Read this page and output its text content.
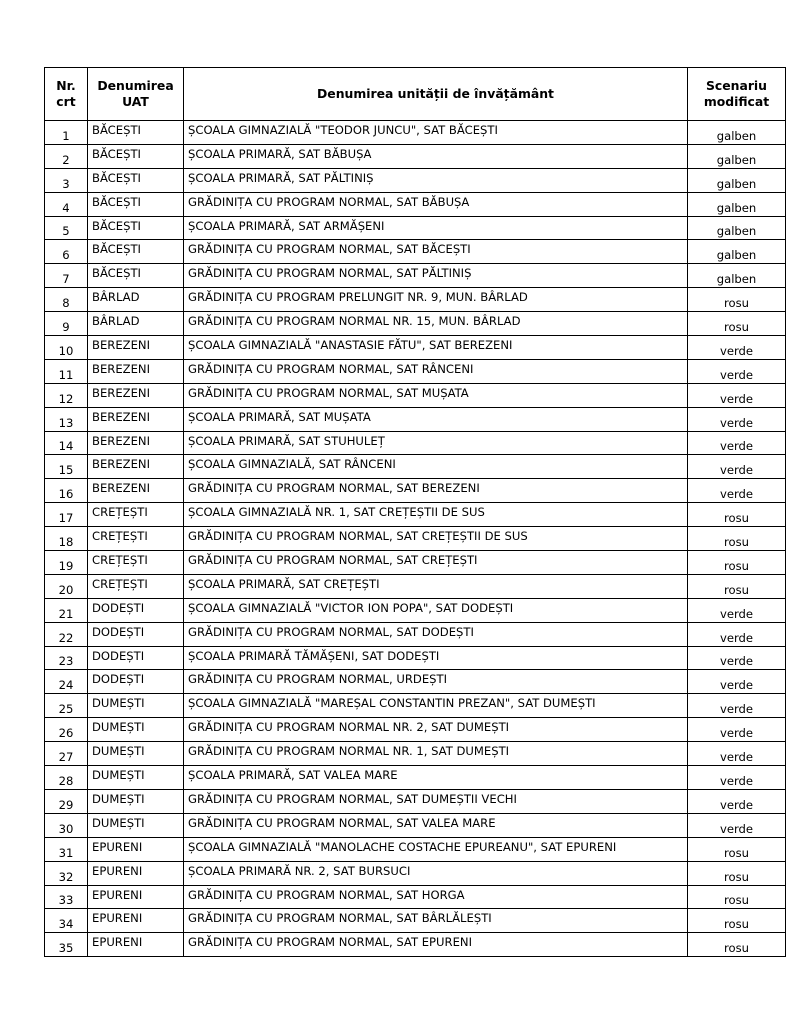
Nr. crt	Denumirea UAT	Denumirea unității de învățământ	Scenariu modificat
1	BĂCEȘTI	ȘCOALA GIMNAZIALĂ "TEODOR JUNCU", SAT BĂCEȘTI	galben
2	BĂCEȘTI	ȘCOALA PRIMARĂ, SAT BĂBUȘA	galben
3	BĂCEȘTI	ȘCOALA PRIMARĂ, SAT PĂLTINIȘ	galben
4	BĂCEȘTI	GRĂDINIȚA CU PROGRAM NORMAL, SAT BĂBUȘA	galben
5	BĂCEȘTI	ȘCOALA PRIMARĂ, SAT ARMĂȘENI	galben
6	BĂCEȘTI	GRĂDINIȚA CU PROGRAM NORMAL, SAT BĂCEȘTI	galben
7	BĂCEȘTI	GRĂDINIȚA CU PROGRAM NORMAL, SAT PĂLTINIȘ	galben
8	BÂRLAD	GRĂDINIȚA CU PROGRAM PRELUNGIT NR. 9, MUN. BÂRLAD	rosu
9	BÂRLAD	GRĂDINIȚA CU PROGRAM NORMAL NR. 15, MUN. BÂRLAD	rosu
10	BEREZENI	ȘCOALA GIMNAZIALĂ "ANASTASIE FĂTU", SAT BEREZENI	verde
11	BEREZENI	GRĂDINIȚA CU PROGRAM NORMAL, SAT RÂNCENI	verde
12	BEREZENI	GRĂDINIȚA CU PROGRAM NORMAL, SAT MUȘATA	verde
13	BEREZENI	ȘCOALA PRIMARĂ, SAT MUȘATA	verde
14	BEREZENI	ȘCOALA PRIMARĂ, SAT STUHULEȚ	verde
15	BEREZENI	ȘCOALA GIMNAZIALĂ, SAT RÂNCENI	verde
16	BEREZENI	GRĂDINIȚA CU PROGRAM NORMAL, SAT BEREZENI	verde
17	CREȚEȘTI	ȘCOALA GIMNAZIALĂ NR. 1, SAT CREȚEȘTII DE SUS	rosu
18	CREȚEȘTI	GRĂDINIȚA CU PROGRAM NORMAL, SAT CREȚEȘTII DE SUS	rosu
19	CREȚEȘTI	GRĂDINIȚA CU PROGRAM NORMAL, SAT CREȚEȘTI	rosu
20	CREȚEȘTI	ȘCOALA PRIMARĂ, SAT CREȚEȘTI	rosu
21	DODEȘTI	ȘCOALA GIMNAZIALĂ "VICTOR ION POPA", SAT DODEȘTI	verde
22	DODEȘTI	GRĂDINIȚA CU PROGRAM NORMAL, SAT DODEȘTI	verde
23	DODEȘTI	ȘCOALA PRIMARĂ TĂMĂȘENI, SAT DODEȘTI	verde
24	DODEȘTI	GRĂDINIȚA CU PROGRAM NORMAL, URDEȘTI	verde
25	DUMEȘTI	ȘCOALA GIMNAZIALĂ "MAREȘAL CONSTANTIN PREZAN", SAT DUMEȘTI	verde
26	DUMEȘTI	GRĂDINIȚA CU PROGRAM NORMAL NR. 2, SAT DUMEȘTI	verde
27	DUMEȘTI	GRĂDINIȚA CU PROGRAM NORMAL NR. 1, SAT DUMEȘTI	verde
28	DUMEȘTI	ȘCOALA PRIMARĂ, SAT VALEA MARE	verde
29	DUMEȘTI	GRĂDINIȚA CU PROGRAM NORMAL, SAT DUMEȘTII VECHI	verde
30	DUMEȘTI	GRĂDINIȚA CU PROGRAM NORMAL, SAT VALEA MARE	verde
31	EPURENI	ȘCOALA GIMNAZIALĂ "MANOLACHE COSTACHE EPUREANU", SAT EPURENI	rosu
32	EPURENI	ȘCOALA PRIMARĂ NR. 2, SAT BURSUCI	rosu
33	EPURENI	GRĂDINIȚA CU PROGRAM NORMAL, SAT HORGA	rosu
34	EPURENI	GRĂDINIȚA CU PROGRAM NORMAL, SAT BÂRLĂLEȘTI	rosu
35	EPURENI	GRĂDINIȚA CU PROGRAM NORMAL, SAT EPURENI	rosu
